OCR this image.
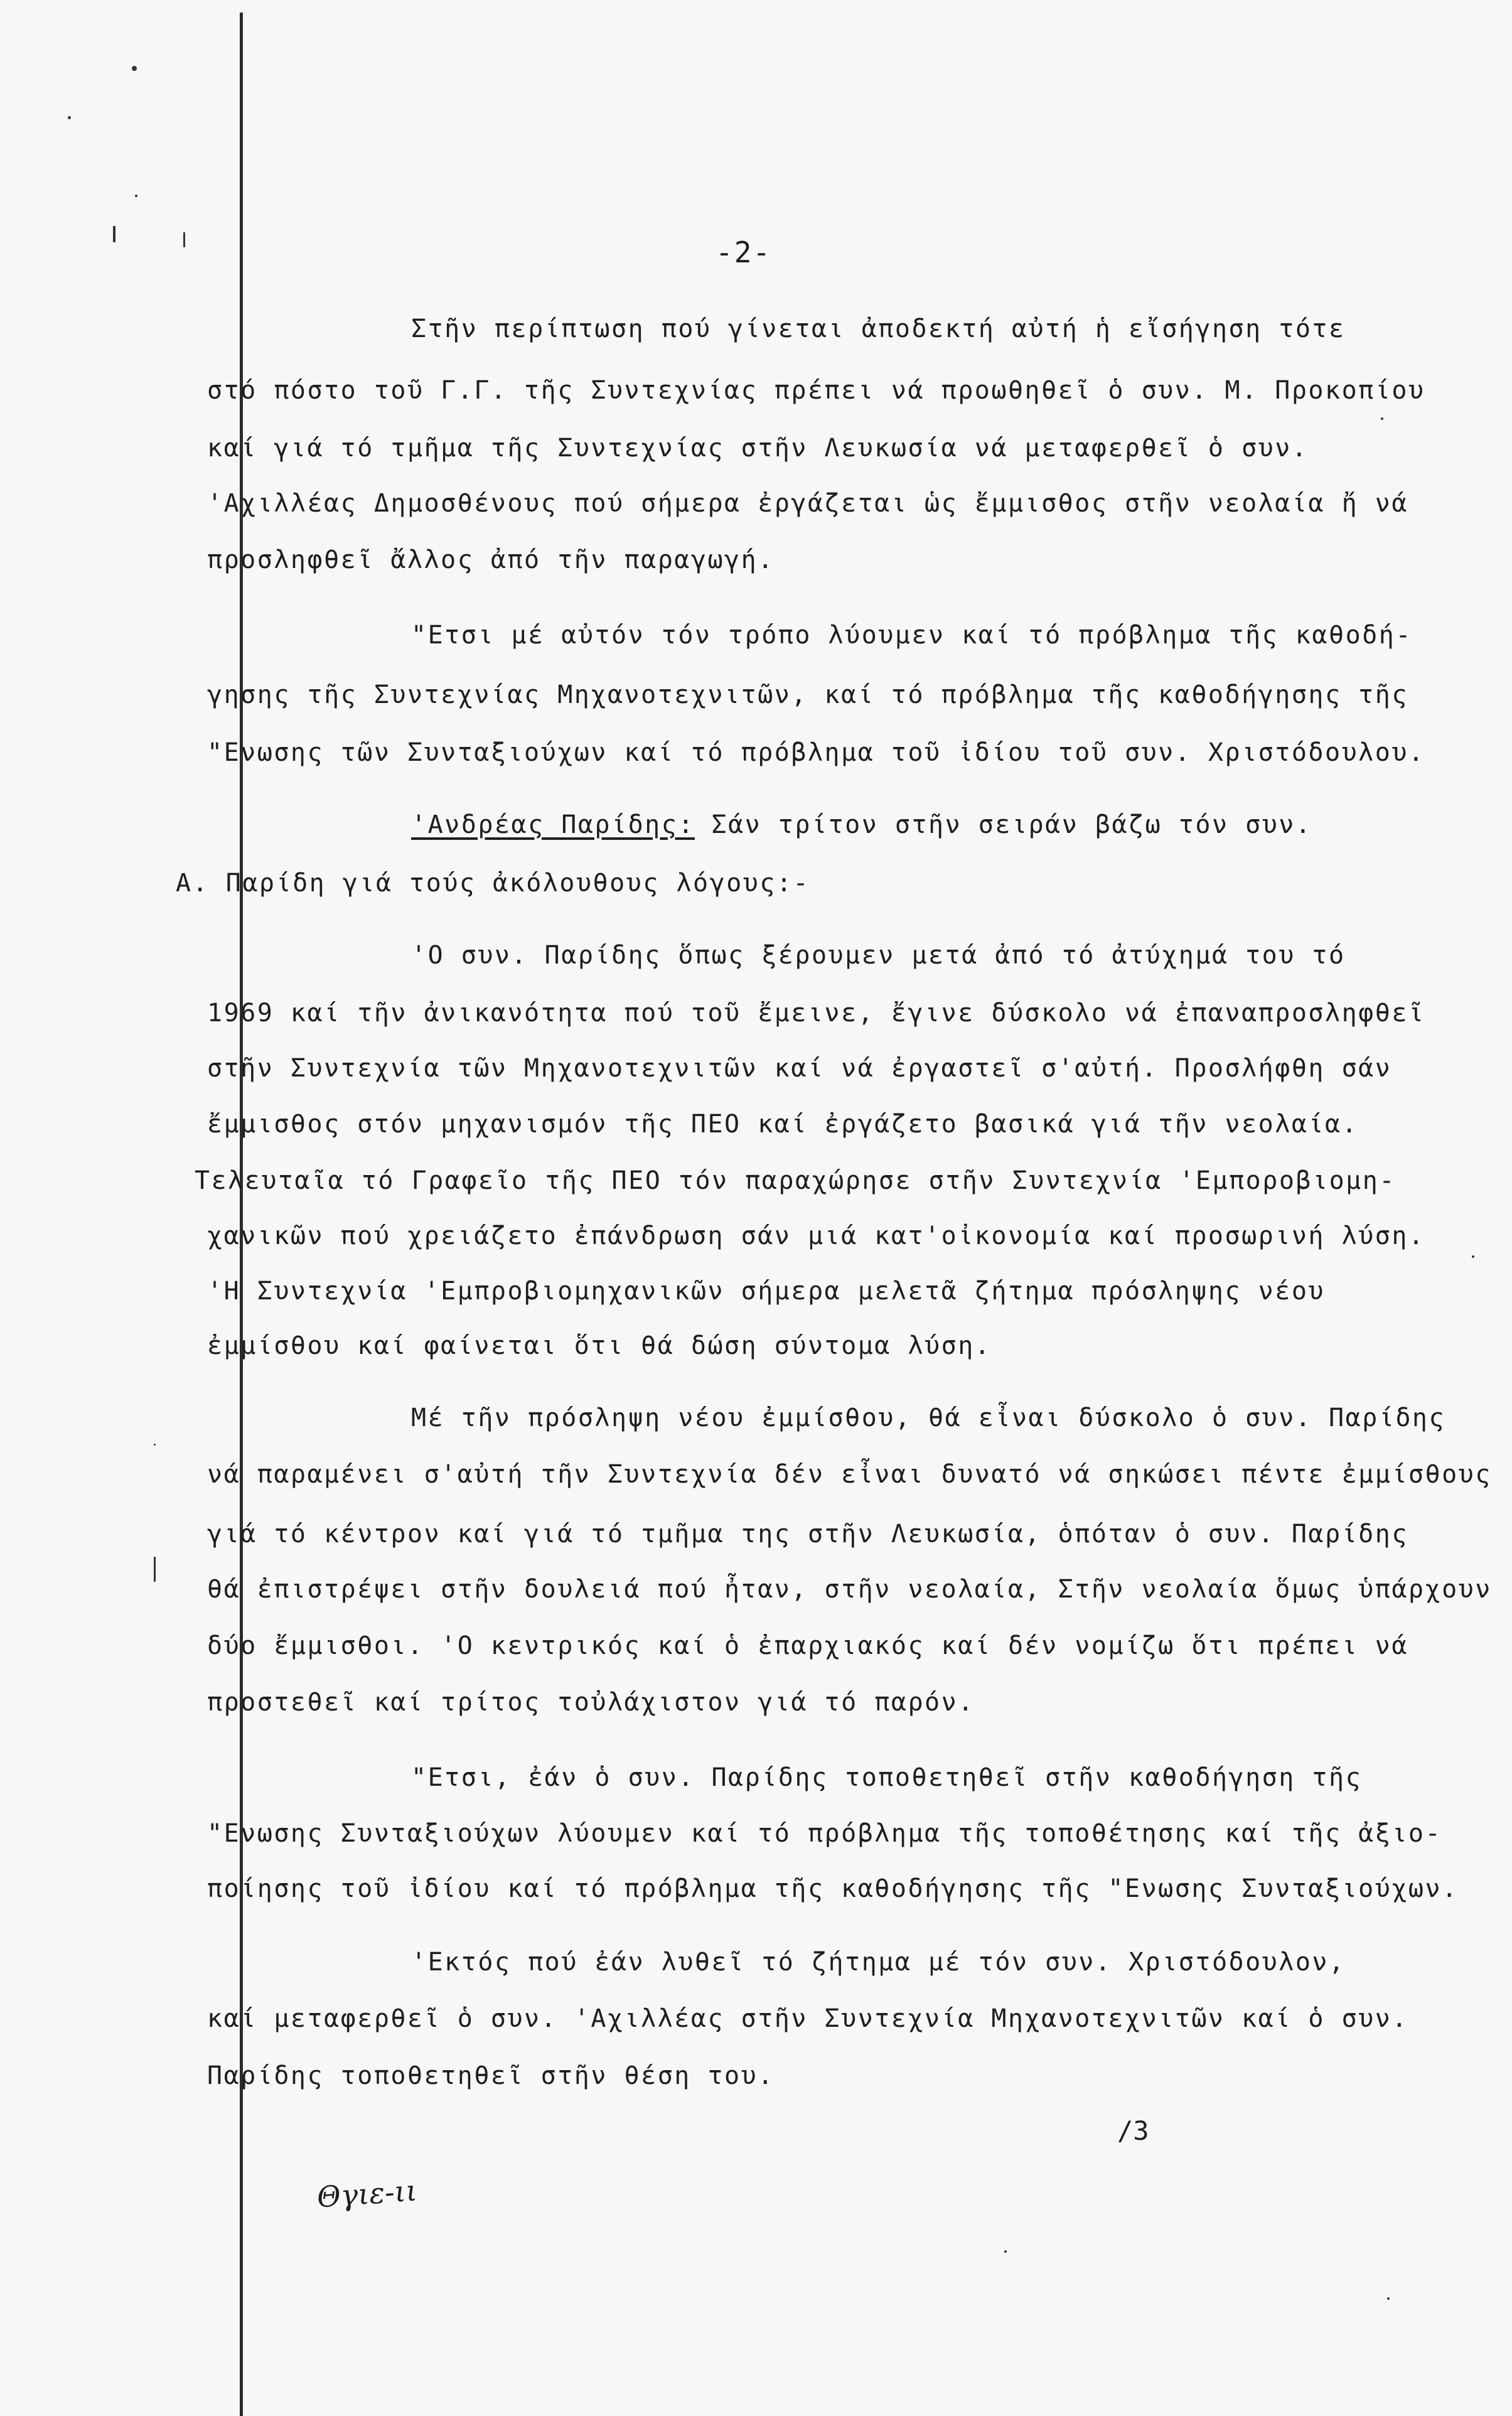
-2-
Στῆν περίπτωση πού γίνεται ἀποδεκτή αὐτή ἡ εἴσήγηση τότε
στό πόστο τοῦ Γ.Γ. τῆς Συντεχνίας πρέπει νά προωθηθεῖ ὁ συν. Μ. Προκοπίου
καί γιά τό τμῆμα τῆς Συντεχνίας στῆν Λευκωσία νά μεταφερθεῖ ὁ συν.
'Αχιλλέας Δημοσθένους πού σήμερα ἐργάζεται ὡς ἔμμισθος στῆν νεολαία ἤ νά
προσληφθεῖ ἄλλος ἀπό τῆν παραγωγή.
"Ετσι μέ αὐτόν τόν τρόπο λύουμεν καί τό πρόβλημα τῆς καθοδή-
γησης τῆς Συντεχνίας Μηχανοτεχνιτῶν, καί τό πρόβλημα τῆς καθοδήγησης τῆς
"Ενωσης τῶν Συνταξιούχων καί τό πρόβλημα τοῦ ἰδίου τοῦ συν. Χριστόδουλου.
'Ανδρέας Παρίδης: Σάν τρίτον στῆν σειράν βάζω τόν συν.
Α. Παρίδη γιά τούς ἀκόλουθους λόγους:-
'Ο συν. Παρίδης ὅπως ξέρουμεν μετά ἀπό τό ἀτύχημά του τό
1969 καί τῆν ἀνικανότητα πού τοῦ ἔμεινε, ἔγινε δύσκολο νά ἐπαναπροσληφθεῖ
στῆν Συντεχνία τῶν Μηχανοτεχνιτῶν καί νά ἐργαστεῖ σ'αὐτή. Προσλήφθη σάν
ἔμμισθος στόν μηχανισμόν τῆς ΠΕΟ καί ἐργάζετο βασικά γιά τῆν νεολαία.
Τελευταῖα τό Γραφεῖο τῆς ΠΕΟ τόν παραχώρησε στῆν Συντεχνία 'Εμποροβιομη-
χανικῶν πού χρειάζετο ἐπάνδρωση σάν μιά κατ'οἰκονομία καί προσωρινή λύση.
'Η Συντεχνία 'Εμπροβιομηχανικῶν σήμερα μελετᾶ ζήτημα πρόσληψης νέου
ἐμμίσθου καί φαίνεται ὅτι θά δώση σύντομα λύση.
Μέ τῆν πρόσληψη νέου ἐμμίσθου, θά εἶναι δύσκολο ὁ συν. Παρίδης
νά παραμένει σ'αὐτή τῆν Συντεχνία δέν εἶναι δυνατό νά σηκώσει πέντε ἐμμίσθους
γιά τό κέντρον καί γιά τό τμῆμα της στῆν Λευκωσία, ὁπόταν ὁ συν. Παρίδης
θά ἐπιστρέψει στῆν δουλειά πού ἦταν, στῆν νεολαία, Στῆν νεολαία ὅμως ὑπάρχουν
δύο ἔμμισθοι. 'Ο κεντρικός καί ὁ ἐπαρχιακός καί δέν νομίζω ὅτι πρέπει νά
προστεθεῖ καί τρίτος τοὐλάχιστον γιά τό παρόν.
"Ετσι, ἐάν ὁ συν. Παρίδης τοποθετηθεῖ στῆν καθοδήγηση τῆς
"Ενωσης Συνταξιούχων λύουμεν καί τό πρόβλημα τῆς τοποθέτησης καί τῆς ἀξιο-
ποίησης τοῦ ἰδίου καί τό πρόβλημα τῆς καθοδήγησης τῆς "Ενωσης Συνταξιούχων.
'Εκτός πού ἐάν λυθεῖ τό ζήτημα μέ τόν συν. Χριστόδουλον,
καί μεταφερθεῖ ὁ συν. 'Αχιλλέας στῆν Συντεχνία Μηχανοτεχνιτῶν καί ὁ συν.
Παρίδης τοποθετηθεῖ στῆν θέση του.
/3
Θγιε-ιι
